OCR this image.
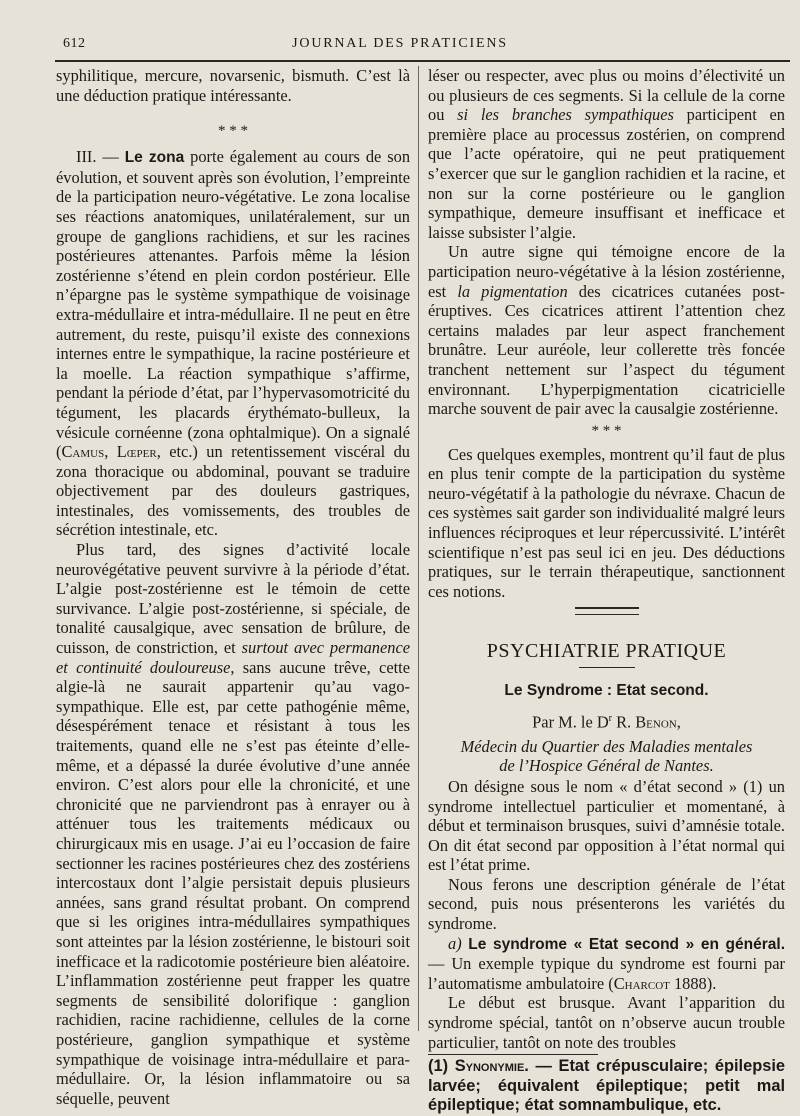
612	JOURNAL DES PRATICIENS

syphilitique, mercure, novarsenic, bismuth. C’est là une déduction pratique intéressante.

* * *

III. — Le zona porte également au cours de son évolution, et souvent après son évolution, l’empreinte de la participation neuro-végétative. Le zona localise ses réactions anatomiques, unilatéralement, sur un groupe de ganglions rachidiens, et sur les racines postérieures attenantes. Parfois même la lésion zostérienne s’étend en plein cordon postérieur. Elle n’épargne pas le système sympathique de voisinage extra-médullaire et intra-médullaire. Il ne peut en être autrement, du reste, puisqu’il existe des connexions internes entre le sympathique, la racine postérieure et la moelle. La réaction sympathique s’affirme, pendant la période d’état, par l’hypervasomotricité du tégument, les placards érythémato-bulleux, la vésicule cornéenne (zona ophtalmique). On a signalé (Camus, Lœper, etc.) un retentissement viscéral du zona thoracique ou abdominal, pouvant se traduire objectivement par des douleurs gastriques, intestinales, des vomissements, des troubles de sécrétion intestinale, etc.

Plus tard, des signes d’activité locale neurovégétative peuvent survivre à la période d’état. L’algie post-zostérienne est le témoin de cette survivance. L’algie post-zostérienne, si spéciale, de tonalité causalgique, avec sensation de brûlure, de cuisson, de constriction, et surtout avec permanence et continuité douloureuse, sans aucune trêve, cette algie-là ne saurait appartenir qu’au vago-sympathique. Elle est, par cette pathogénie même, désespérément tenace et résistant à tous les traitements, quand elle ne s’est pas éteinte d’elle-même, et a dépassé la durée évolutive d’une année environ. C’est alors pour elle la chronicité, et une chronicité que ne parviendront pas à enrayer ou à atténuer tous les traitements médicaux ou chirurgicaux mis en usage. J’ai eu l’occasion de faire sectionner les racines postérieures chez des zostériens intercostaux dont l’algie persistait depuis plusieurs années, sans grand résultat probant. On comprend que si les origines intra-médullaires sympathiques sont atteintes par la lésion zostérienne, le bistouri soit inefficace et la radicotomie postérieure bien aléatoire. L’inflammation zostérienne peut frapper les quatre segments de sensibilité dolorifique : ganglion rachidien, racine rachidienne, cellules de la corne postérieure, ganglion sympathique et système sympathique de voisinage intra-médullaire et para-médullaire. Or, la lésion inflammatoire ou sa séquelle, peuvent

léser ou respecter, avec plus ou moins d’électivité un ou plusieurs de ces segments. Si la cellule de la corne ou si les branches sympathiques participent en première place au processus zostérien, on comprend que l’acte opératoire, qui ne peut pratiquement s’exercer que sur le ganglion rachidien et la racine, et non sur la corne postérieure ou le ganglion sympathique, demeure insuffisant et inefficace et laisse subsister l’algie.

Un autre signe qui témoigne encore de la participation neuro-végétative à la lésion zostérienne, est la pigmentation des cicatrices cutanées post-éruptives. Ces cicatrices attirent l’attention chez certains malades par leur aspect franchement brunâtre. Leur auréole, leur collerette très foncée tranchent nettement sur l’aspect du tégument environnant. L’hyperpigmentation cicatricielle marche souvent de pair avec la causalgie zostérienne.

* * *

Ces quelques exemples, montrent qu’il faut de plus en plus tenir compte de la participation du système neuro-végétatif à la pathologie du névraxe. Chacun de ces systèmes sait garder son individualité malgré leurs influences réciproques et leur répercussivité. L’intérêt scientifique n’est pas seul ici en jeu. Des déductions pratiques, sur le terrain thérapeutique, sanctionnent ces notions.

PSYCHIATRIE PRATIQUE
Le Syndrome : Etat second.
Par M. le $D^r$ R. Benon,
Médecin du Quartier des Maladies mentales
de l’Hospice Général de Nantes.

On désigne sous le nom « d’état second » (1) un syndrome intellectuel particulier et momentané, à début et terminaison brusques, suivi d’amnésie totale. On dit état second par opposition à l’état normal qui est l’état prime.

Nous ferons une description générale de l’état second, puis nous présenterons les variétés du syndrome.

a) Le syndrome « Etat second » en général. — Un exemple typique du syndrome est fourni par l’automatisme ambulatoire (Charcot 1888).

Le début est brusque. Avant l’apparition du syndrome spécial, tantôt on n’observe aucun trouble particulier, tantôt on note des troubles

(1) Synonymie. — Etat crépusculaire; épilepsie larvée; équivalent épileptique; petit mal épileptique; état somnambulique, etc.
